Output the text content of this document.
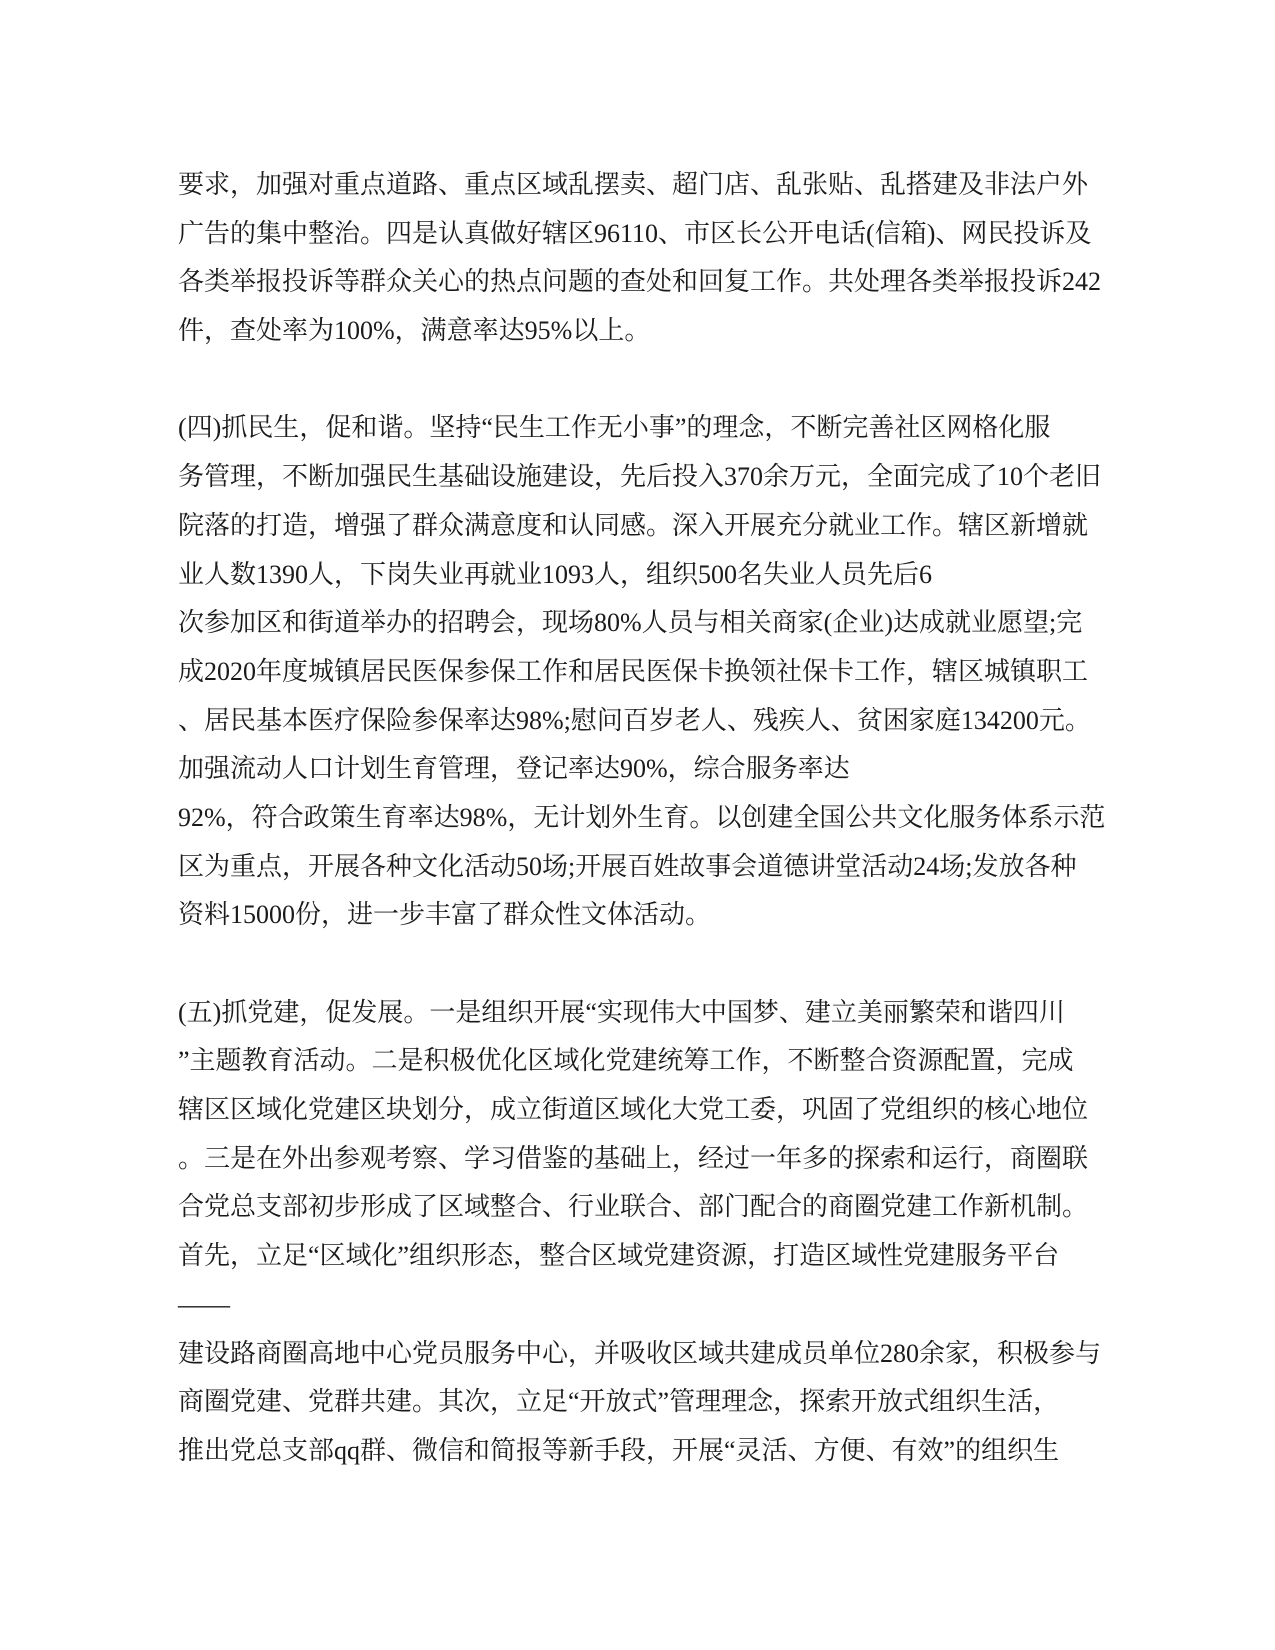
要求，加强对重点道路、重点区域乱摆卖、超门店、乱张贴、乱搭建及非法户外
广告的集中整治。四是认真做好辖区96110、市区长公开电话(信箱)、网民投诉及
各类举报投诉等群众关心的热点问题的查处和回复工作。共处理各类举报投诉242
件，查处率为100%，满意率达95%以上。
(四)抓民生，促和谐。坚持“民生工作无小事”的理念，不断完善社区网格化服
务管理，不断加强民生基础设施建设，先后投入370余万元，全面完成了10个老旧
院落的打造，增强了群众满意度和认同感。深入开展充分就业工作。辖区新增就
业人数1390人，下岗失业再就业1093人，组织500名失业人员先后6
次参加区和街道举办的招聘会，现场80%人员与相关商家(企业)达成就业愿望;完
成2020年度城镇居民医保参保工作和居民医保卡换领社保卡工作，辖区城镇职工
、居民基本医疗保险参保率达98%;慰问百岁老人、残疾人、贫困家庭134200元。
加强流动人口计划生育管理，登记率达90%，综合服务率达
92%，符合政策生育率达98%，无计划外生育。以创建全国公共文化服务体系示范
区为重点，开展各种文化活动50场;开展百姓故事会道德讲堂活动24场;发放各种
资料15000份，进一步丰富了群众性文体活动。
(五)抓党建，促发展。一是组织开展“实现伟大中国梦、建立美丽繁荣和谐四川
”主题教育活动。二是积极优化区域化党建统筹工作，不断整合资源配置，完成
辖区区域化党建区块划分，成立街道区域化大党工委，巩固了党组织的核心地位
。三是在外出参观考察、学习借鉴的基础上，经过一年多的探索和运行，商圈联
合党总支部初步形成了区域整合、行业联合、部门配合的商圈党建工作新机制。
首先，立足“区域化”组织形态，整合区域党建资源，打造区域性党建服务平台
——
建设路商圈高地中心党员服务中心，并吸收区域共建成员单位280余家，积极参与
商圈党建、党群共建。其次，立足“开放式”管理理念，探索开放式组织生活，
推出党总支部qq群、微信和简报等新手段，开展“灵活、方便、有效”的组织生
